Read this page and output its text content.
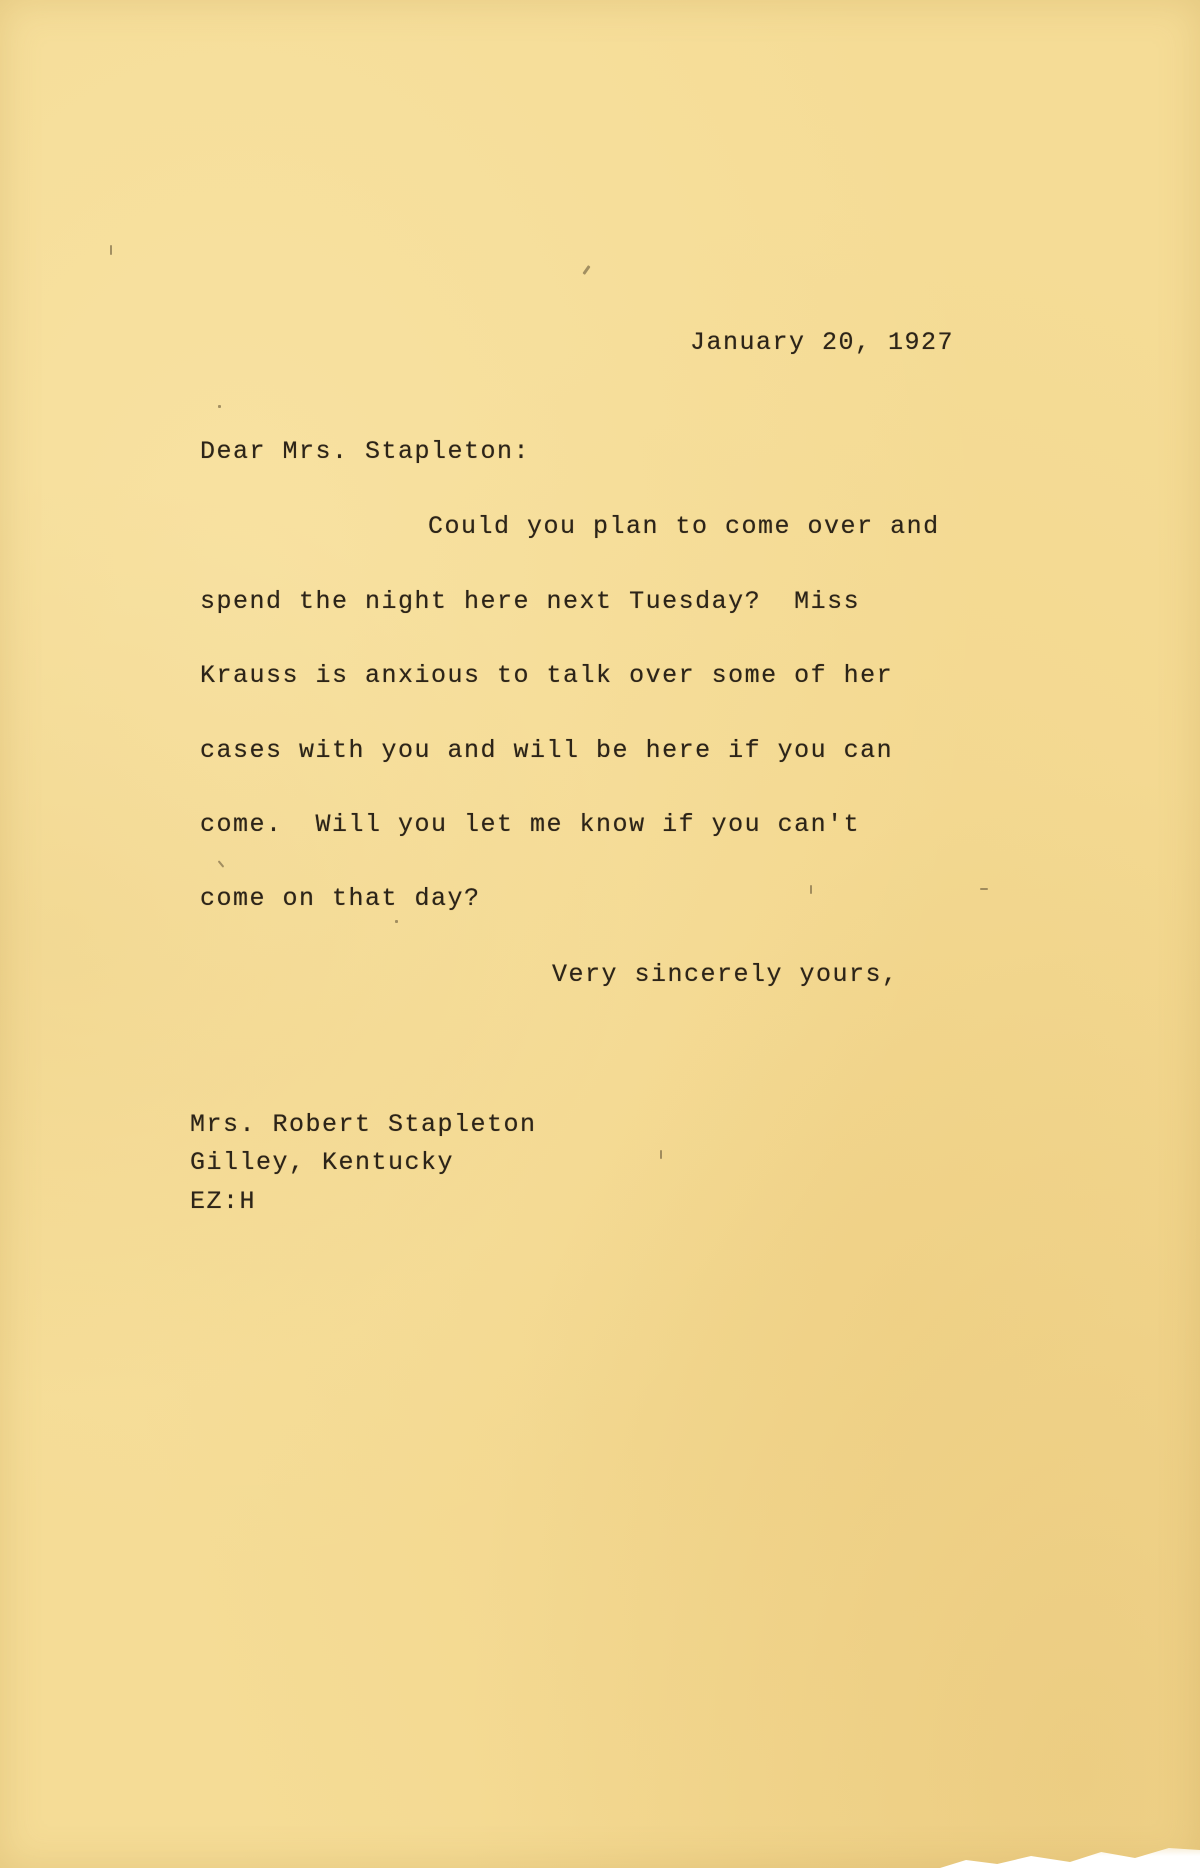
January 20, 1927

Dear Mrs. Stapleton:

Could you plan to come over and

spend the night here next Tuesday?  Miss

Krauss is anxious to talk over some of her

cases with you and will be here if you can

come.  Will you let me know if you can't

come on that day?

Very sincerely yours,

Mrs. Robert Stapleton

Gilley, Kentucky

EZ:H
